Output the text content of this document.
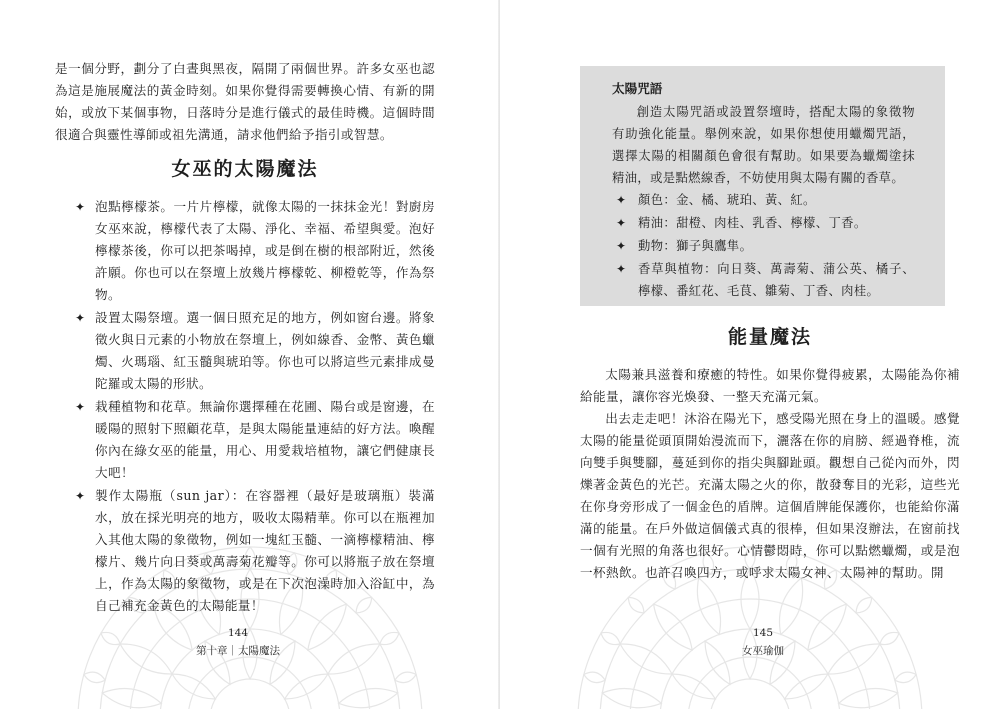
是一個分野，劃分了白晝與黑夜，隔開了兩個世界。許多女巫也認為這是施展魔法的黃金時刻。如果你覺得需要轉換心情、有新的開始，或放下某個事物，日落時分是進行儀式的最佳時機。這個時間很適合與靈性導師或祖先溝通，請求他們給予指引或智慧。

女巫的太陽魔法
✦ 泡點檸檬茶。一片片檸檬，就像太陽的一抹抹金光！對廚房女巫來說，檸檬代表了太陽、淨化、幸福、希望與愛。泡好檸檬茶後，你可以把茶喝掉，或是倒在樹的根部附近，然後許願。你也可以在祭壇上放幾片檸檬乾、柳橙乾等，作為祭物。
✦ 設置太陽祭壇。選一個日照充足的地方，例如窗台邊。將象徵火與日元素的小物放在祭壇上，例如線香、金幣、黃色蠟燭、火瑪瑙、紅玉髓與琥珀等。你也可以將這些元素排成曼陀羅或太陽的形狀。
✦ 栽種植物和花草。無論你選擇種在花圃、陽台或是窗邊，在暖陽的照射下照顧花草，是與太陽能量連結的好方法。喚醒你內在綠女巫的能量，用心、用愛栽培植物，讓它們健康長大吧！
✦ 製作太陽瓶（sun jar）：在容器裡（最好是玻璃瓶）裝滿水，放在採光明亮的地方，吸收太陽精華。你可以在瓶裡加入其他太陽的象徵物，例如一塊紅玉髓、一滴檸檬精油、檸檬片、幾片向日葵或萬壽菊花瓣等。你可以將瓶子放在祭壇上，作為太陽的象徵物，或是在下次泡澡時加入浴缸中，為自己補充金黃色的太陽能量！
144
第十章｜太陽魔法
太陽咒語

創造太陽咒語或設置祭壇時，搭配太陽的象徵物有助強化能量。舉例來說，如果你想使用蠟燭咒語，選擇太陽的相關顏色會很有幫助。如果要為蠟燭塗抹精油，或是點燃線香，不妨使用與太陽有關的香草。

✦ 顏色：金、橘、琥珀、黃、紅。
✦ 精油：甜橙、肉桂、乳香、檸檬、丁香。
✦ 動物：獅子與鷹隼。
✦ 香草與植物：向日葵、萬壽菊、蒲公英、橘子、檸檬、番紅花、毛茛、雛菊、丁香、肉桂。
能量魔法

太陽兼具滋養和療癒的特性。如果你覺得疲累，太陽能為你補給能量，讓你容光煥發、一整天充滿元氣。

出去走走吧！沐浴在陽光下，感受陽光照在身上的溫暖。感覺太陽的能量從頭頂開始漫流而下，灑落在你的肩膀、經過脊椎，流向雙手與雙腳，蔓延到你的指尖與腳趾頭。觀想自己從內而外，閃爍著金黃色的光芒。充滿太陽之火的你，散發奪目的光彩，這些光在你身旁形成了一個金色的盾牌。這個盾牌能保護你，也能給你滿滿的能量。在戶外做這個儀式真的很棒，但如果沒辦法，在窗前找一個有光照的角落也很好。心情鬱悶時，你可以點燃蠟燭，或是泡一杯熱飲。也許召喚四方，或呼求太陽女神、太陽神的幫助。開

145
女巫瑜伽
